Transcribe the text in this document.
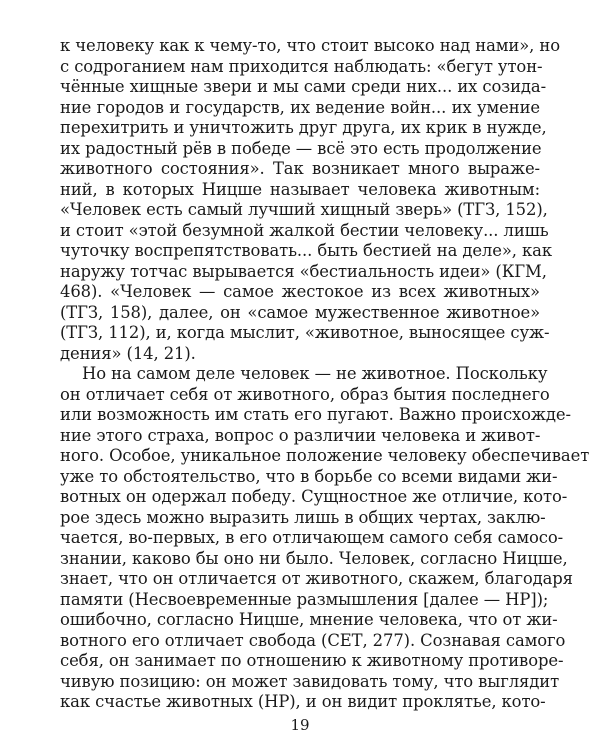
к человеку как к чему-то, что стоит высоко над нами», но
с содроганием нам приходится наблюдать: «бегут утон-
чённые хищные звери и мы сами среди них... их созида-
ние городов и государств, их ведение войн... их умение
перехитрить и уничтожить друг друга, их крик в нужде,
их радостный рёв в победе — всё это есть продолжение
животного состояния». Так возникает много выраже-
ний, в которых Ницше называет человека животным:
«Человек есть самый лучший хищный зверь» (ТГЗ, 152),
и стоит «этой безумной жалкой бестии человеку... лишь
чуточку воспрепятствовать... быть бестией на деле», как
наружу тотчас вырывается «бестиальность идеи» (КГМ,
468). «Человек — самое жестокое из всех животных»
(ТГЗ, 158), далее, он «самое мужественное животное»
(ТГЗ, 112), и, когда мыслит, «животное, выносящее суж-
дения» (14, 21).
Но на самом деле человек — не животное. Поскольку
он отличает себя от животного, образ бытия последнего
или возможность им стать его пугают. Важно происхожде-
ние этого страха, вопрос о различии человека и живот-
ного. Особое, уникальное положение человеку обеспечивает
уже то обстоятельство, что в борьбе со всеми видами жи-
вотных он одержал победу. Сущностное же отличие, кото-
рое здесь можно выразить лишь в общих чертах, заклю-
чается, во-первых, в его отличающем самого себя самосо-
знании, каково бы оно ни было. Человек, согласно Ницше,
знает, что он отличается от животного, скажем, благодаря
памяти (Несвоевременные размышления [далее — НР]);
ошибочно, согласно Ницше, мнение человека, что от жи-
вотного его отличает свобода (СЕТ, 277). Сознавая самого
себя, он занимает по отношению к животному противоре-
чивую позицию: он может завидовать тому, что выглядит
как счастье животных (НР), и он видит проклятье, кото-
19
